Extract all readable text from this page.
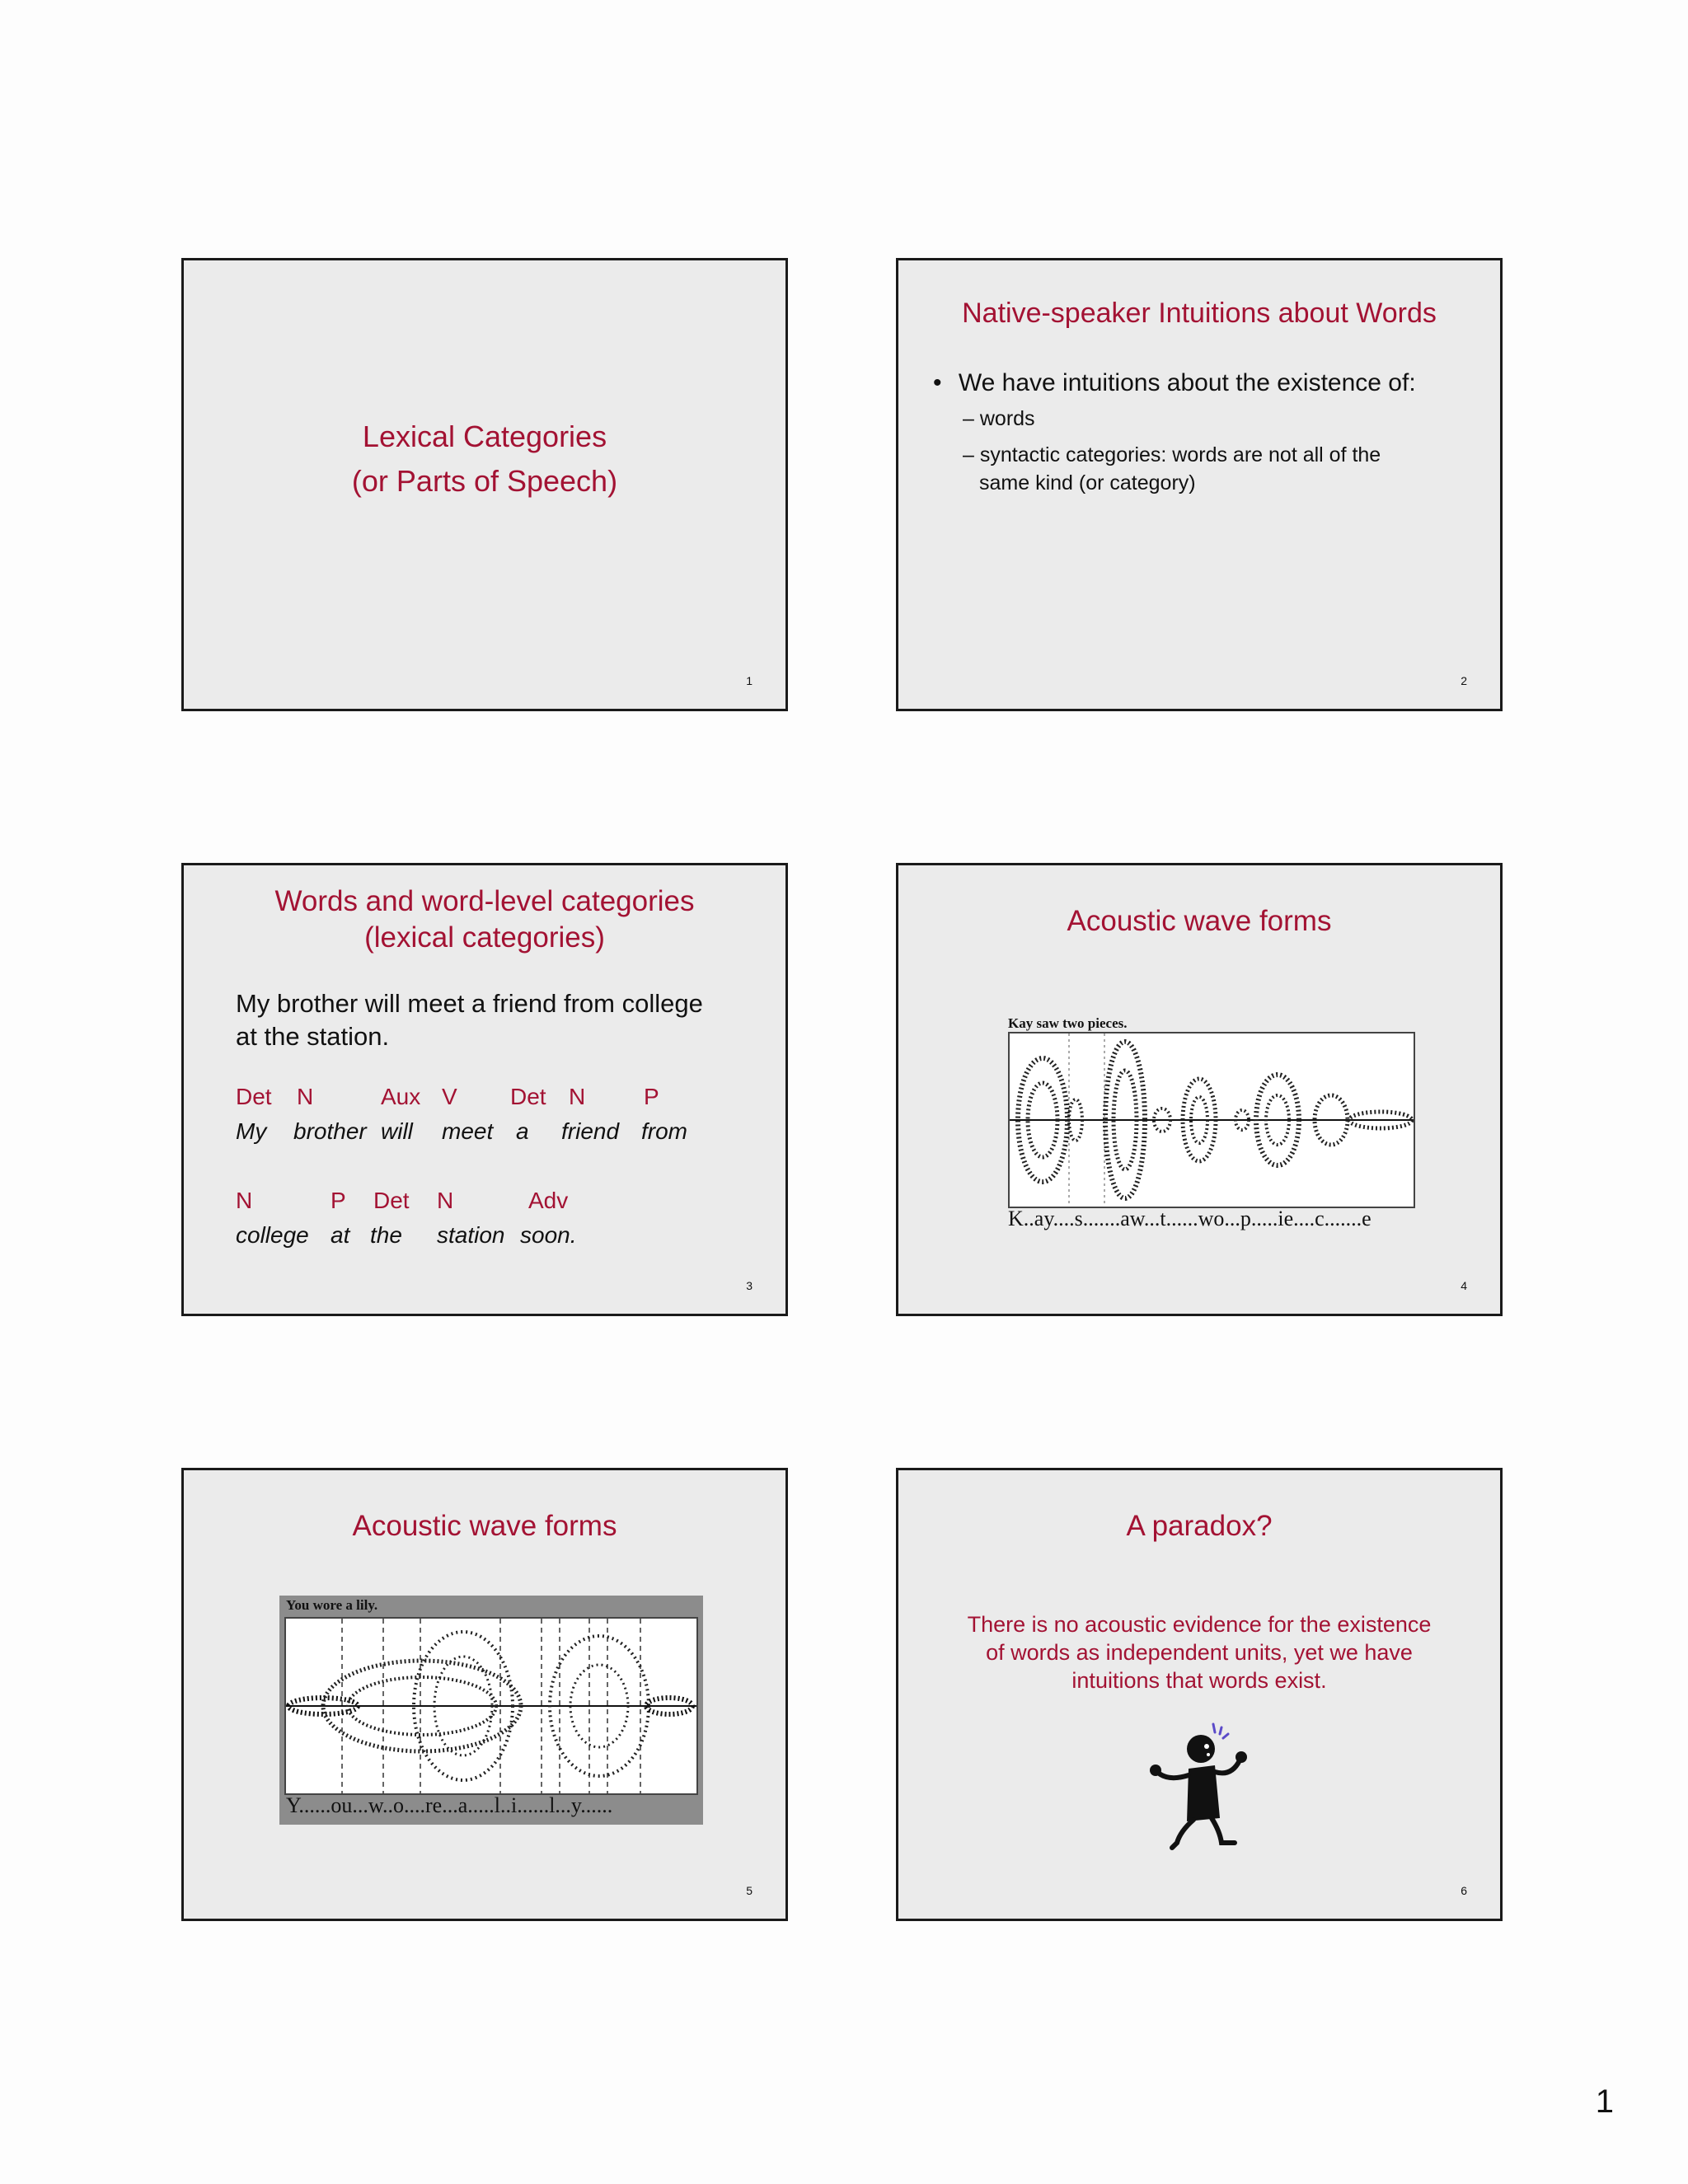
Lexical Categories
(or Parts of Speech)
1
Native-speaker Intuitions about Words
• We have intuitions about the existence of:
– words
– syntactic categories: words are not all of the
same kind (or category)
2
Words and word-level categories
(lexical categories)
My brother will meet a friend from college
at the station.
Det N	Aux V Det N	P
My brother will meet a friend from
N	P Det N	Adv
college at the station soon.
3
Acoustic wave forms
Kay saw two pieces.
K..ay....s.......aw...t......wo...p.....ie....c.......e
4
Acoustic wave forms
You wore a lily.
Y......ou...w..o....re...a.....l..i......l...y......
5
A paradox?
There is no acoustic evidence for the existence
of words as independent units, yet we have
intuitions that words exist.
6
1
